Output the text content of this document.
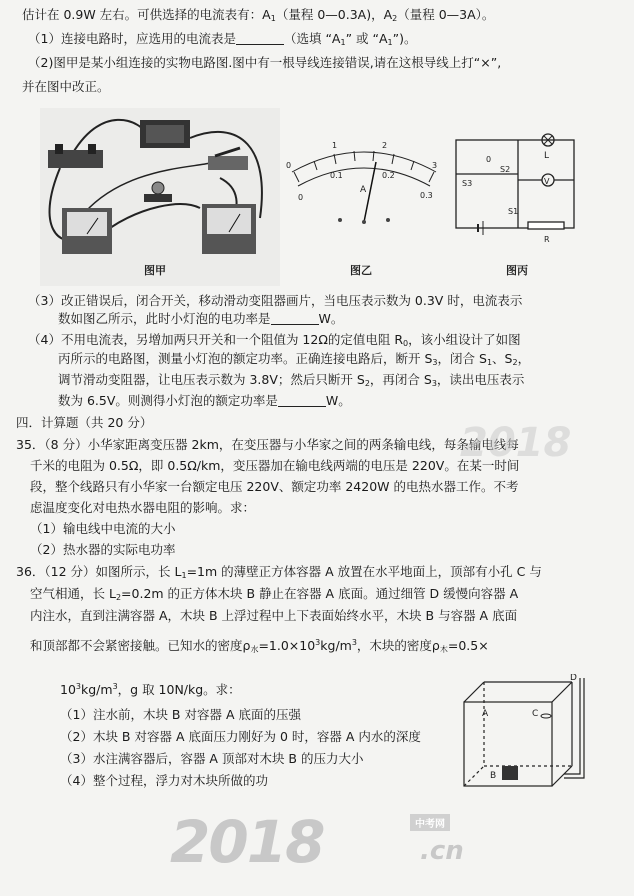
估计在 0.9W 左右。可供选择的电流表有：$A_1$（量程 0—0.3A)，$A_2$（量程 0—3A）。
（1）连接电路时，应选用的电流表是	（选填 “$A_1$” 或 “$A_1$”)。
（2)图甲是某小组连接的实物电路图.图中有一根导线连接错误,请在这根导线上打“×”,
并在图中改正。
图甲
0
1	2
3
0
0.1	0.2
0.3
A
图乙
V
L
0
S3
S2
S1
R
图丙
（3）改正错误后，闭合开关，移动滑动变阻器画片，当电压表示数为 0.3V 时，电流表示
数如图乙所示，此时小灯泡的电功率是	W。
（4）不用电流表，另增加两只开关和一个阻值为 12Ω的定值电阻 $R_0$，该小组设计了如图
丙所示的电路图，测量小灯泡的额定功率。正确连接电路后，断开 $S_3$，闭合 $S_1$、$S_2$，
调节滑动变阻器，让电压表示数为 3.8V；然后只断开 $S_2$，再闭合 $S_3$，读出电压表示
数为 6.5V。则测得小灯泡的额定功率是	W。
四．计算题（共 20 分）
35．（8 分）小华家距离变压器 2km，在变压器与小华家之间的两条输电线，每条输电线每
千米的电阻为 0.5Ω，即 0.5Ω/km，变压器加在输电线两端的电压是 220V。在某一时间
段，整个线路只有小华家一台额定电压 220V、额定功率 2420W 的电热水器工作。不考
虑温度变化对电热水器电阻的影响。求：
（1）输电线中电流的大小
（2）热水器的实际电功率
36．（12 分）如图所示，长 $L_1=1m$ 的薄壁正方体容器 A 放置在水平地面上，顶部有小孔 C 与
空气相通，长 $L_2=0.2m$ 的正方体木块 B 静止在容器 A 底面。通过细管 D 缓慢向容器 A
内注水，直到注满容器 A，木块 B 上浮过程中上下表面始终水平，木块 B 与容器 A 底面
和顶部都不会紧密接触。已知水的密度$\rho_水=1.0\times 10^3kg/m^3$，木块的密度$\rho_木=0.5\times$
$10^3kg/m^3$，g 取 10N/kg。求：
（1）注水前，木块 B 对容器 A 底面的压强
（2）木块 B 对容器 A 底面压力刚好为 0 时，容器 A 内水的深度
（3）水注满容器后，容器 A 顶部对木块 B 的压力大小
（4）整个过程，浮力对木块所做的功
A	C
B
D
2018	.cn
中考网
2018
